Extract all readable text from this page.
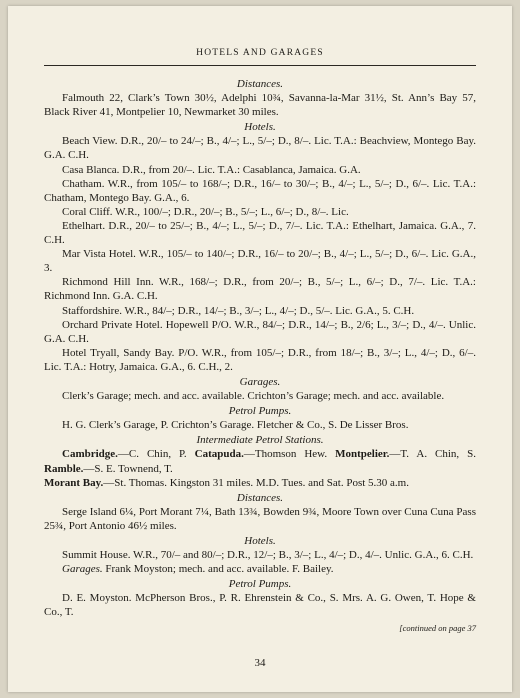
HOTELS AND GARAGES

Distances.

Falmouth 22, Clark’s Town 30½, Adelphi 10¾, Savanna-la-Mar 31½, St. Ann’s Bay 57, Black River 41, Montpelier 10, Newmarket 30 miles.

Hotels.

Beach View. D.R., 20/– to 24/–; B., 4/–; L., 5/–; D., 8/–. Lic. T.A.: Beachview, Montego Bay. G.A. C.H.

Casa Blanca. D.R., from 20/–. Lic. T.A.: Casablanca, Jamaica. G.A.

Chatham. W.R., from 105/– to 168/–; D.R., 16/– to 30/–; B., 4/–; L., 5/–; D., 6/–. Lic. T.A.: Chatham, Montego Bay. G.A., 6.

Coral Cliff. W.R., 100/–; D.R., 20/–; B., 5/–; L., 6/–; D., 8/–. Lic.

Ethelhart. D.R., 20/– to 25/–; B., 4/–; L., 5/–; D., 7/–. Lic. T.A.: Ethelhart, Jamaica. G.A., 7. C.H.

Mar Vista Hotel. W.R., 105/– to 140/–; D.R., 16/– to 20/–; B., 4/–; L., 5/–; D., 6/–. Lic. G.A., 3.

Richmond Hill Inn. W.R., 168/–; D.R., from 20/–; B., 5/–; L., 6/–; D., 7/–. Lic. T.A.: Richmond Inn. G.A. C.H.

Staffordshire. W.R., 84/–; D.R., 14/–; B., 3/–; L., 4/–; D., 5/–. Lic. G.A., 5. C.H.

Orchard Private Hotel. Hopewell P/O. W.R., 84/–; D.R., 14/–; B., 2/6; L., 3/–; D., 4/–. Unlic. G.A. C.H.

Hotel Tryall, Sandy Bay. P/O. W.R., from 105/–; D.R., from 18/–; B., 3/–; L., 4/–; D., 6/–. Lic. T.A.: Hotry, Jamaica. G.A., 6. C.H., 2.

Garages.

Clerk’s Garage; mech. and acc. available. Crichton’s Garage; mech. and acc. available.

Petrol Pumps.

H. G. Clerk’s Garage, P. Crichton’s Garage. Fletcher & Co., S. De Lisser Bros.

Intermediate Petrol Stations.

Cambridge.—C. Chin, P. Catapuda.—Thomson Hew. Montpelier.—T. A. Chin, S. Ramble.—S. E. Townend, T.

Morant Bay.—St. Thomas. Kingston 31 miles. M.D. Tues. and Sat. Post 5.30 a.m.

Distances.

Serge Island 6¼, Port Morant 7¼, Bath 13¾, Bowden 9¾, Moore Town over Cuna Cuna Pass 25¾, Port Antonio 46½ miles.

Hotels.

Summit House. W.R., 70/– and 80/–; D.R., 12/–; B., 3/–; L., 4/–; D., 4/–. Unlic. G.A., 6. C.H.

Garages. Frank Moyston; mech. and acc. available. F. Bailey.

Petrol Pumps.

D. E. Moyston. McPherson Bros., P. R. Ehrenstein & Co., S. Mrs. A. G. Owen, T. Hope & Co., T.

[continued on page 37
34
